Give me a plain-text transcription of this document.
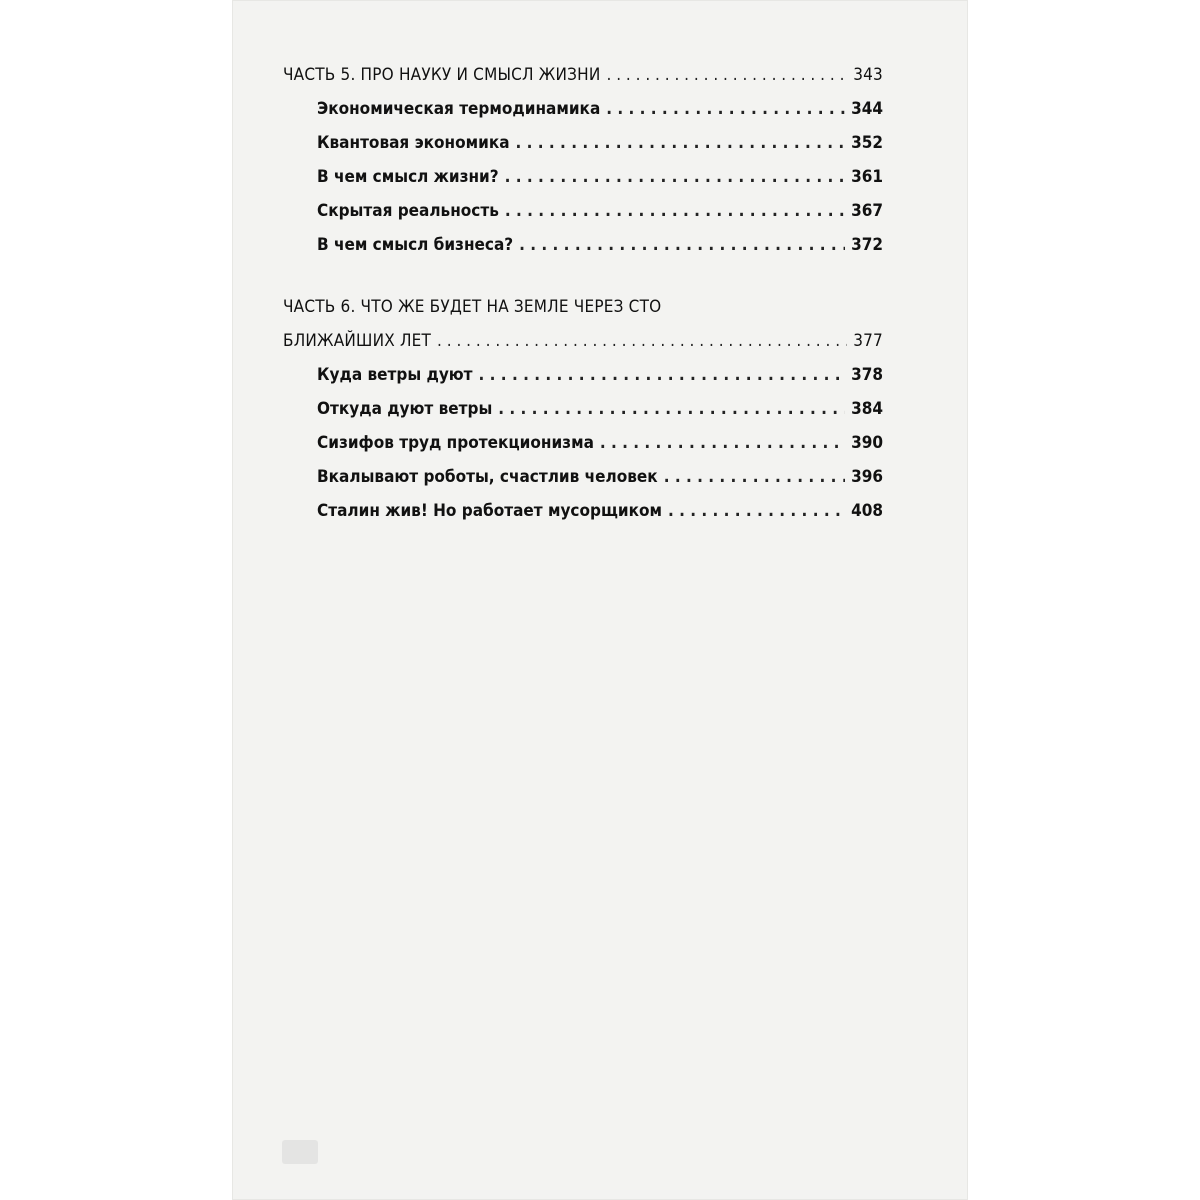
ЧАСТЬ 5. ПРО НАУКУ И СМЫСЛ ЖИЗНИ . . .	343
Экономическая термодинамика . . .	344
Квантовая экономика . . .	352
В чем смысл жизни? . . .	361
Скрытая реальность . . .	367
В чем смысл бизнеса? . . .	372
ЧАСТЬ 6. ЧТО ЖЕ БУДЕТ НА ЗЕМЛЕ ЧЕРЕЗ СТО
БЛИЖАЙШИХ ЛЕТ . . .	377
Куда ветры дуют . . .	378
Откуда дуют ветры . . .	384
Сизифов труд протекционизма . . .	390
Вкалывают роботы, счастлив человек . . .	396
Сталин жив! Но работает мусорщиком . . .	408
